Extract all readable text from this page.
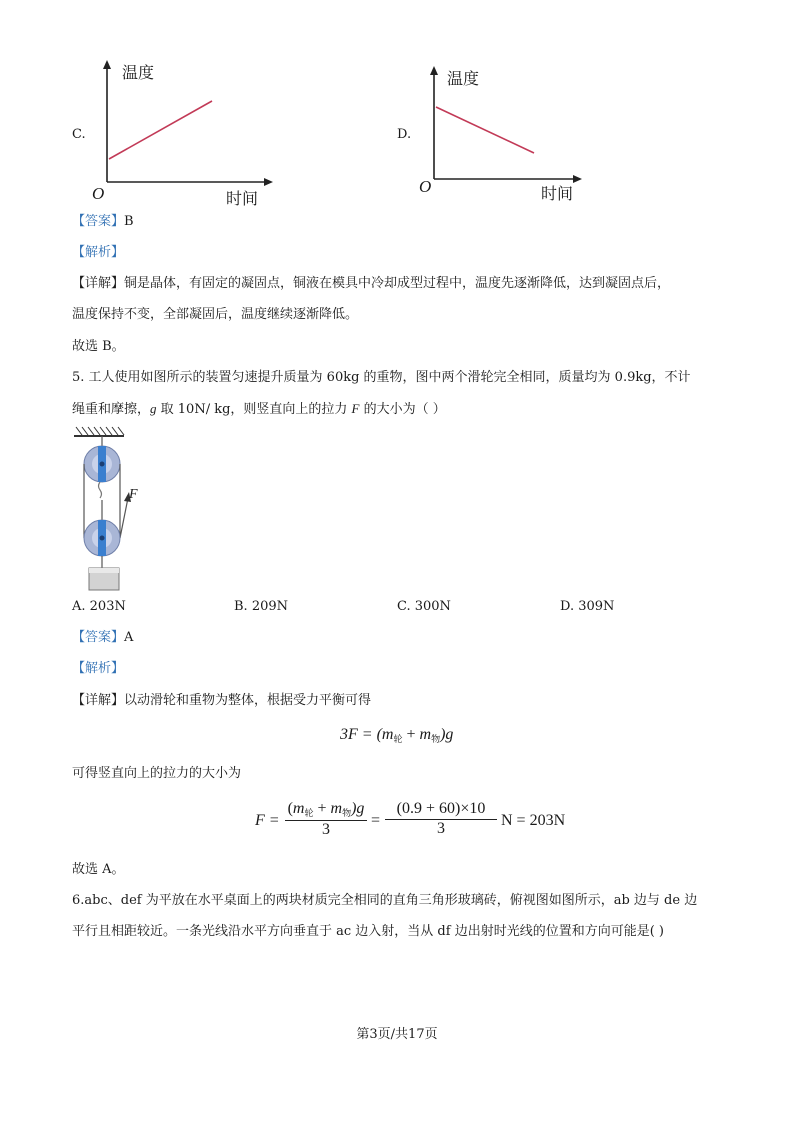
C.
温度
O	时间
D.
温度
O	时间
【答案】B
【解析】
【详解】铜是晶体，有固定的凝固点，铜液在模具中冷却成型过程中，温度先逐渐降低，达到凝固点后，
温度保持不变，全部凝固后，温度继续逐渐降低。
故选 B。
5. 工人使用如图所示的装置匀速提升质量为 60kg 的重物，图中两个滑轮完全相同，质量均为 0.9kg，不计
绳重和摩擦，g 取 10N/ kg，则竖直向上的拉力 F 的大小为（ ）
F
A. 203N	B. 209N	C. 300N	D. 309N
【答案】A
【解析】
【详解】以动滑轮和重物为整体，根据受力平衡可得
$3F = (m_轮 + m_物)g$
可得竖直向上的拉力的大小为
F =
$(m_轮 + m_物)g$
3
=
(0.9 + 60)×10
3	N = 203N
故选 A。
6.abc、def 为平放在水平桌面上的两块材质完全相同的直角三角形玻璃砖，俯视图如图所示，ab 边与 de 边
平行且相距较近。一条光线沿水平方向垂直于 ac 边入射，当从 df 边出射时光线的位置和方向可能是( )
第3页/共17页
